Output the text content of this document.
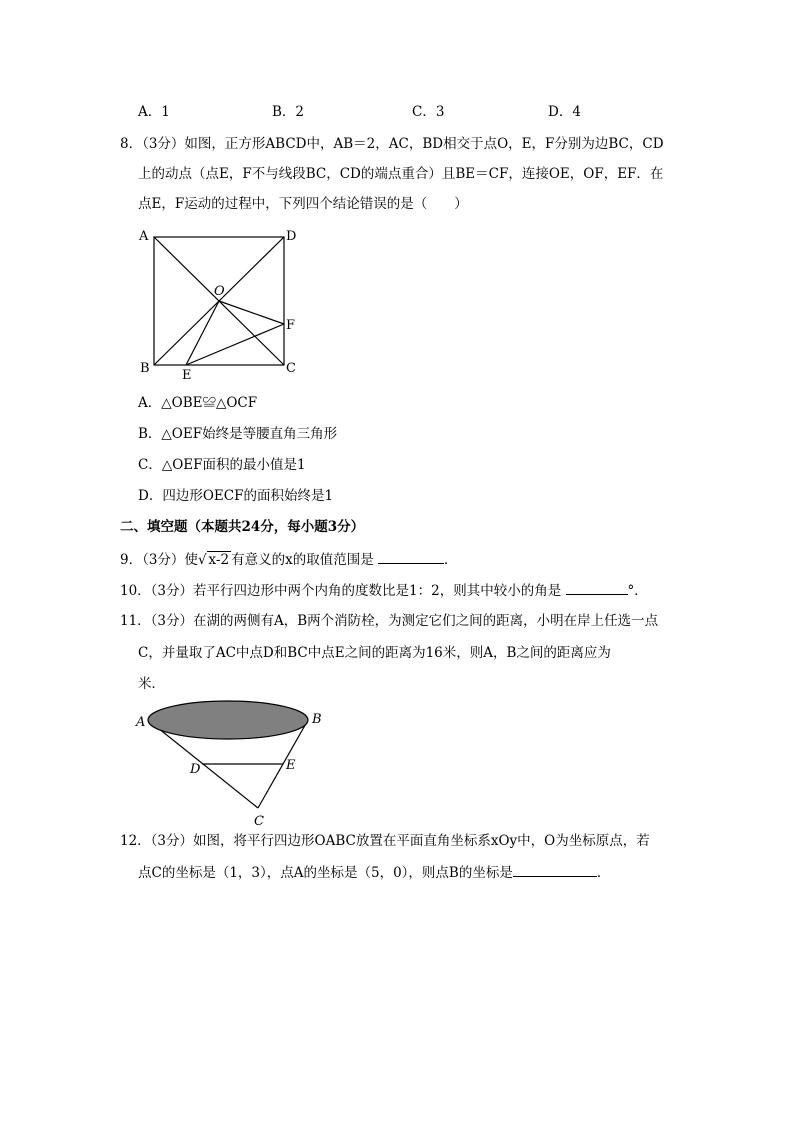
A．1	B．2	C．3	D．4
8．（3分）如图，正方形ABCD中，AB＝2，AC，BD相交于点O，E，F分别为边BC，CD
上的动点（点E，F不与线段BC，CD的端点重合）且BE＝CF，连接OE，OF，EF．在
点E，F运动的过程中，下列四个结论错误的是（　　）
A	D
O
F
B E	C
A．△OBE≌△OCF
B．△OEF始终是等腰直角三角形
C．△OEF面积的最小值是1
D．四边形OECF的面积始终是1
二、填空题（本题共24分，每小题3分）
9．（3分）使√ x-2 有意义的x的取值范围是	．
10．（3分）若平行四边形中两个内角的度数比是1：2，则其中较小的角是	°．
11．（3分）在湖的两侧有A，B两个消防栓，为测定它们之间的距离，小明在岸上任选一点
C，并量取了AC中点D和BC中点E之间的距离为16米，则A，B之间的距离应为
米．
A	B
D	E
C
12．（3分）如图，将平行四边形OABC放置在平面直角坐标系xOy中，O为坐标原点，若
点C的坐标是（1，3），点A的坐标是（5，0），则点B的坐标是	．
